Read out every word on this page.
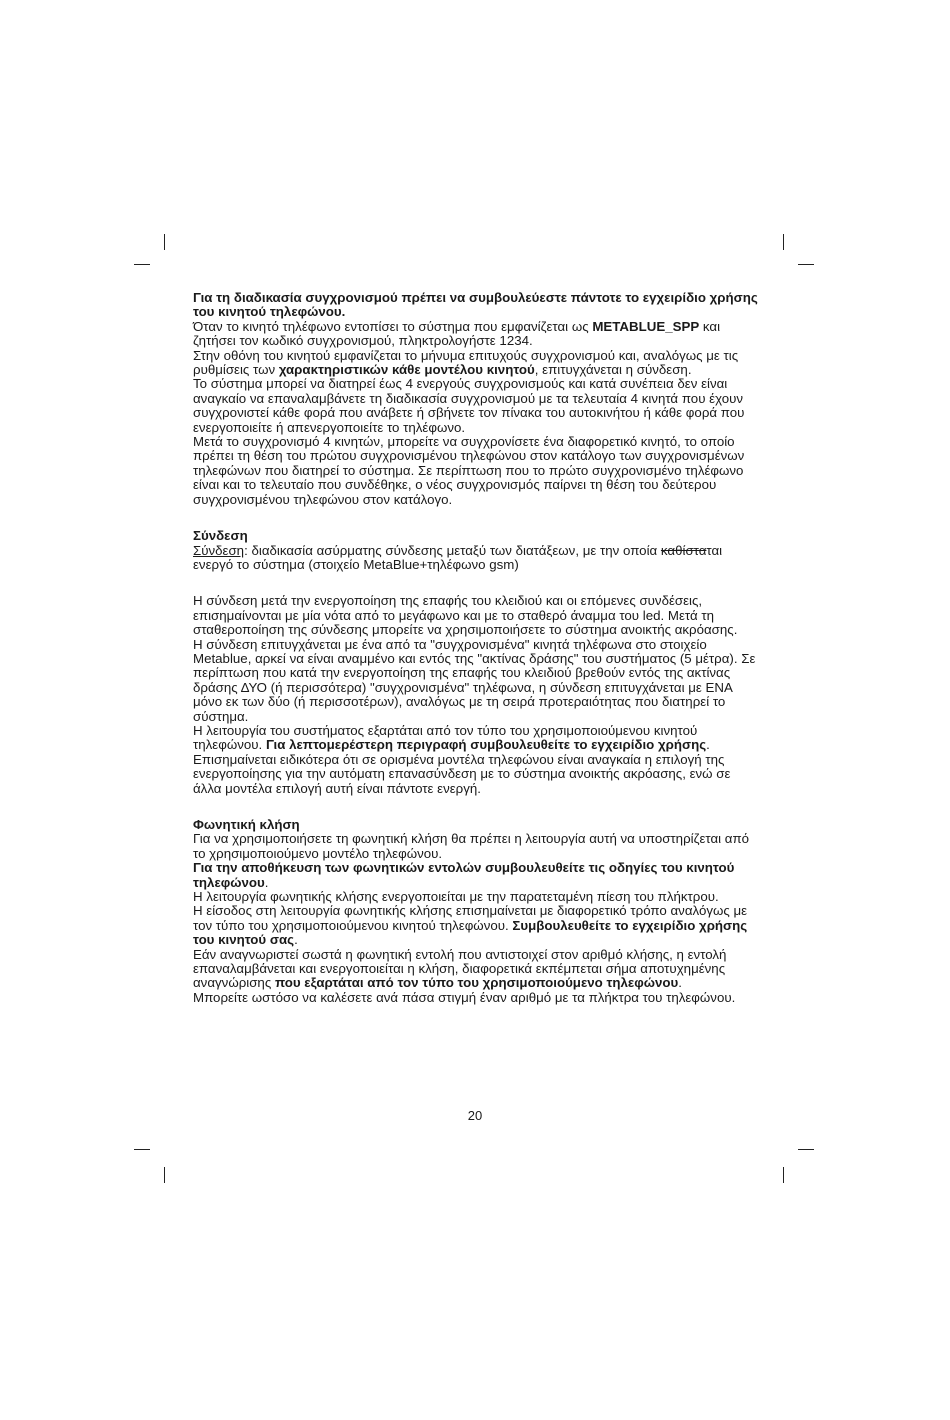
Για τη διαδικασία συγχρονισμού πρέπει να συμβουλεύεστε πάντοτε το εγχειρίδιο χρήσης του κινητού τηλεφώνου.

Όταν το κινητό τηλέφωνο εντοπίσει το σύστημα που εμφανίζεται ως METABLUE_SPP και ζητήσει τον κωδικό συγχρονισμού, πληκτρολογήστε 1234.

Στην οθόνη του κινητού εμφανίζεται το μήνυμα επιτυχούς συγχρονισμού και, αναλόγως με τις ρυθμίσεις των χαρακτηριστικών κάθε μοντέλου κινητού, επιτυγχάνεται η σύνδεση.

Το σύστημα μπορεί να διατηρεί έως 4 ενεργούς συγχρονισμούς και κατά συνέπεια δεν είναι αναγκαίο να επαναλαμβάνετε τη διαδικασία συγχρονισμού με τα τελευταία 4 κινητά που έχουν συγχρονιστεί κάθε φορά που ανάβετε ή σβήνετε τον πίνακα του αυτοκινήτου ή κάθε φορά που ενεργοποιείτε ή απενεργοποιείτε το τηλέφωνο.

Μετά το συγχρονισμό 4 κινητών, μπορείτε να συγχρονίσετε ένα διαφορετικό κινητό, το οποίο πρέπει τη θέση του πρώτου συγχρονισμένου τηλεφώνου στον κατάλογο των συγχρονισμένων τηλεφώνων που διατηρεί το σύστημα. Σε περίπτωση που το πρώτο συγχρονισμένο τηλέφωνο είναι και το τελευταίο που συνδέθηκε, ο νέος συγχρονισμός παίρνει τη θέση του δεύτερου συγχρονισμένου τηλεφώνου στον κατάλογο.

Σύνδεση

Σύνδεση: διαδικασία ασύρματης σύνδεσης μεταξύ των διατάξεων, με την οποία καθίσταται ενεργό το σύστημα (στοιχείο MetaBlue+τηλέφωνο gsm)

Η σύνδεση μετά την ενεργοποίηση της επαφής του κλειδιού και οι επόμενες συνδέσεις, επισημαίνονται με μία νότα από το μεγάφωνο και με το σταθερό άναμμα του led. Μετά τη σταθεροποίηση της σύνδεσης μπορείτε να χρησιμοποιήσετε το σύστημα ανοικτής ακρόασης.

Η σύνδεση επιτυγχάνεται με ένα από τα "συγχρονισμένα" κινητά τηλέφωνα στο στοιχείο Metablue, αρκεί να είναι αναμμένο και εντός της "ακτίνας δράσης" του συστήματος (5 μέτρα). Σε περίπτωση που κατά την ενεργοποίηση της επαφής του κλειδιού βρεθούν εντός της ακτίνας δράσης ΔΥΟ (ή περισσότερα) "συγχρονισμένα" τηλέφωνα, η σύνδεση επιτυγχάνεται με ΕΝΑ μόνο εκ των δύο (ή περισσοτέρων), αναλόγως με τη σειρά προτεραιότητας που διατηρεί το σύστημα.

Η λειτουργία του συστήματος εξαρτάται από τον τύπο του χρησιμοποιούμενου κινητού τηλεφώνου. Για λεπτομερέστερη περιγραφή συμβουλευθείτε το εγχειρίδιο χρήσης.

Επισημαίνεται ειδικότερα ότι σε ορισμένα μοντέλα τηλεφώνου είναι αναγκαία η επιλογή της ενεργοποίησης για την αυτόματη επανασύνδεση με το σύστημα ανοικτής ακρόασης, ενώ σε άλλα μοντέλα επιλογή αυτή είναι πάντοτε ενεργή.

Φωνητική κλήση

Για να χρησιμοποιήσετε τη φωνητική κλήση θα πρέπει η λειτουργία αυτή να υποστηρίζεται από το χρησιμοποιούμενο μοντέλο τηλεφώνου.

Για την αποθήκευση των φωνητικών εντολών συμβουλευθείτε τις οδηγίες του κινητού τηλεφώνου.

Η λειτουργία φωνητικής κλήσης ενεργοποιείται με την παρατεταμένη πίεση του πλήκτρου.

Η είσοδος στη λειτουργία φωνητικής κλήσης επισημαίνεται με διαφορετικό τρόπο αναλόγως με τον τύπο του χρησιμοποιούμενου κινητού τηλεφώνου. Συμβουλευθείτε το εγχειρίδιο χρήσης του κινητού σας.

Εάν αναγνωριστεί σωστά η φωνητική εντολή που αντιστοιχεί στον αριθμό κλήσης, η εντολή επαναλαμβάνεται και ενεργοποιείται η κλήση, διαφορετικά εκπέμπεται σήμα αποτυχημένης αναγνώρισης που εξαρτάται από τον τύπο του χρησιμοποιούμενο τηλεφώνου.

Μπορείτε ωστόσο να καλέσετε ανά πάσα στιγμή έναν αριθμό με τα πλήκτρα του τηλεφώνου.

20
